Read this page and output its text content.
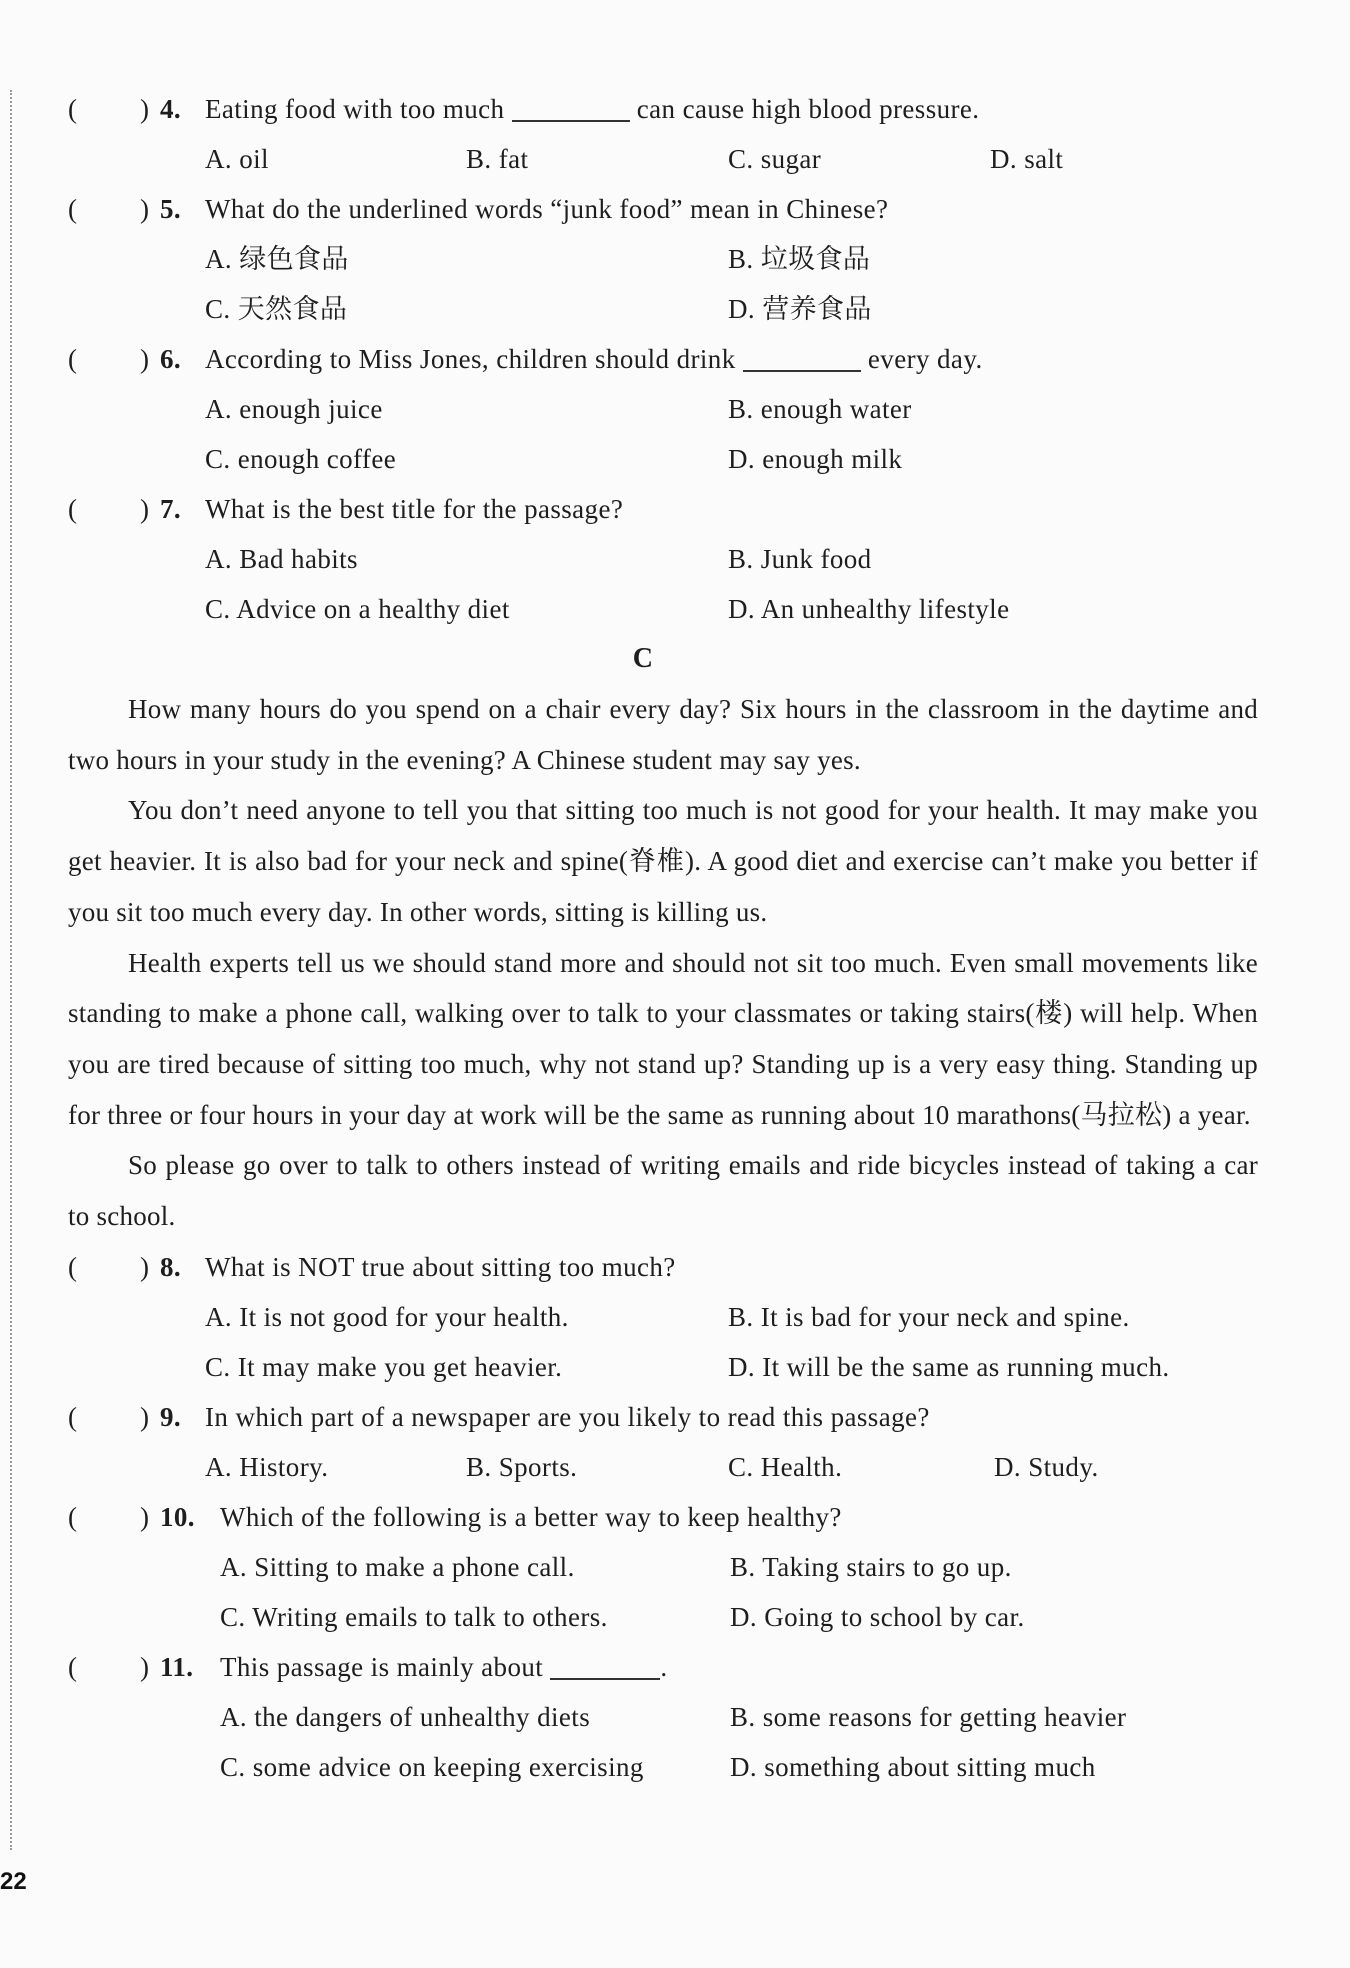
( ) 4. Eating food with too much	can cause high blood pressure.
A. oil	B. fat	C. sugar	D. salt
( ) 5. What do the underlined words “junk food” mean in Chinese?
A. 绿色食品	B. 垃圾食品
C. 天然食品	D. 营养食品
( ) 6. According to Miss Jones, children should drink	every day.
A. enough juice	B. enough water
C. enough coffee	D. enough milk
( ) 7. What is the best title for the passage?
A. Bad habits	B. Junk food
C. Advice on a healthy diet	D. An unhealthy lifestyle
C

How many hours do you spend on a chair every day? Six hours in the classroom in the daytime and two hours in your study in the evening? A Chinese student may say yes.

You don’t need anyone to tell you that sitting too much is not good for your health. It may make you get heavier. It is also bad for your neck and spine(脊椎). A good diet and exercise can’t make you better if you sit too much every day. In other words, sitting is killing us.

Health experts tell us we should stand more and should not sit too much. Even small movements like standing to make a phone call, walking over to talk to your classmates or taking stairs(楼) will help. When you are tired because of sitting too much, why not stand up? Standing up is a very easy thing. Standing up for three or four hours in your day at work will be the same as running about 10 marathons(马拉松) a year.

So please go over to talk to others instead of writing emails and ride bicycles instead of taking a car to school.

( ) 8. What is NOT true about sitting too much?
A. It is not good for your health.	B. It is bad for your neck and spine.
C. It may make you get heavier.	D. It will be the same as running much.
( ) 9. In which part of a newspaper are you likely to read this passage?
A. History.	B. Sports.	C. Health.	D. Study.
( ) 10. Which of the following is a better way to keep healthy?
A. Sitting to make a phone call.	B. Taking stairs to go up.
C. Writing emails to talk to others.	D. Going to school by car.
( ) 11. This passage is mainly about	.
A. the dangers of unhealthy diets	B. some reasons for getting heavier
C. some advice on keeping exercising	D. something about sitting much
22
